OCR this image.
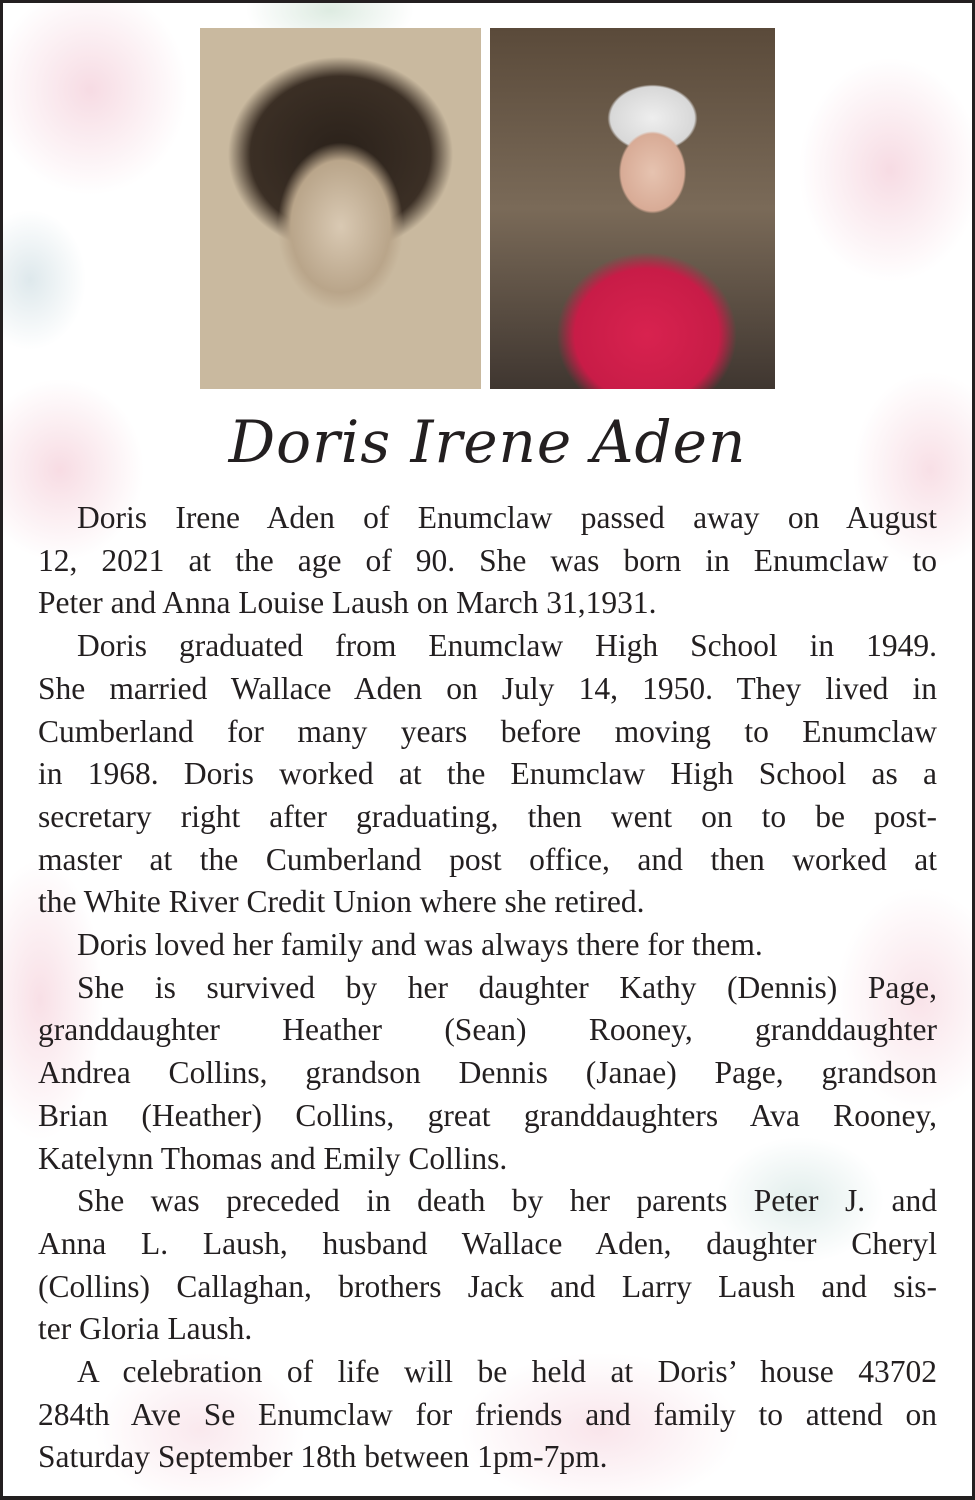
Doris Irene Aden
Doris Irene Aden of Enumclaw passed away on August
12, 2021 at the age of 90. She was born in Enumclaw to
Peter and Anna Louise Laush on March 31,1931.
Doris graduated from Enumclaw High School in 1949.
She married Wallace Aden on July 14, 1950. They lived in
Cumberland for many years before moving to Enumclaw
in 1968. Doris worked at the Enumclaw High School as a
secretary right after graduating, then went on to be post-
master at the Cumberland post office, and then worked at
the White River Credit Union where she retired.
Doris loved her family and was always there for them.
She is survived by her daughter Kathy (Dennis) Page,
granddaughter Heather (Sean) Rooney, granddaughter
Andrea Collins, grandson Dennis (Janae) Page, grandson
Brian (Heather) Collins, great granddaughters Ava Rooney,
Katelynn Thomas and Emily Collins.
She was preceded in death by her parents Peter J. and
Anna L. Laush, husband Wallace Aden, daughter Cheryl
(Collins) Callaghan, brothers Jack and Larry Laush and sis-
ter Gloria Laush.
A celebration of life will be held at Doris’ house 43702
284th Ave Se Enumclaw for friends and family to attend on
Saturday September 18th between 1pm-7pm.
